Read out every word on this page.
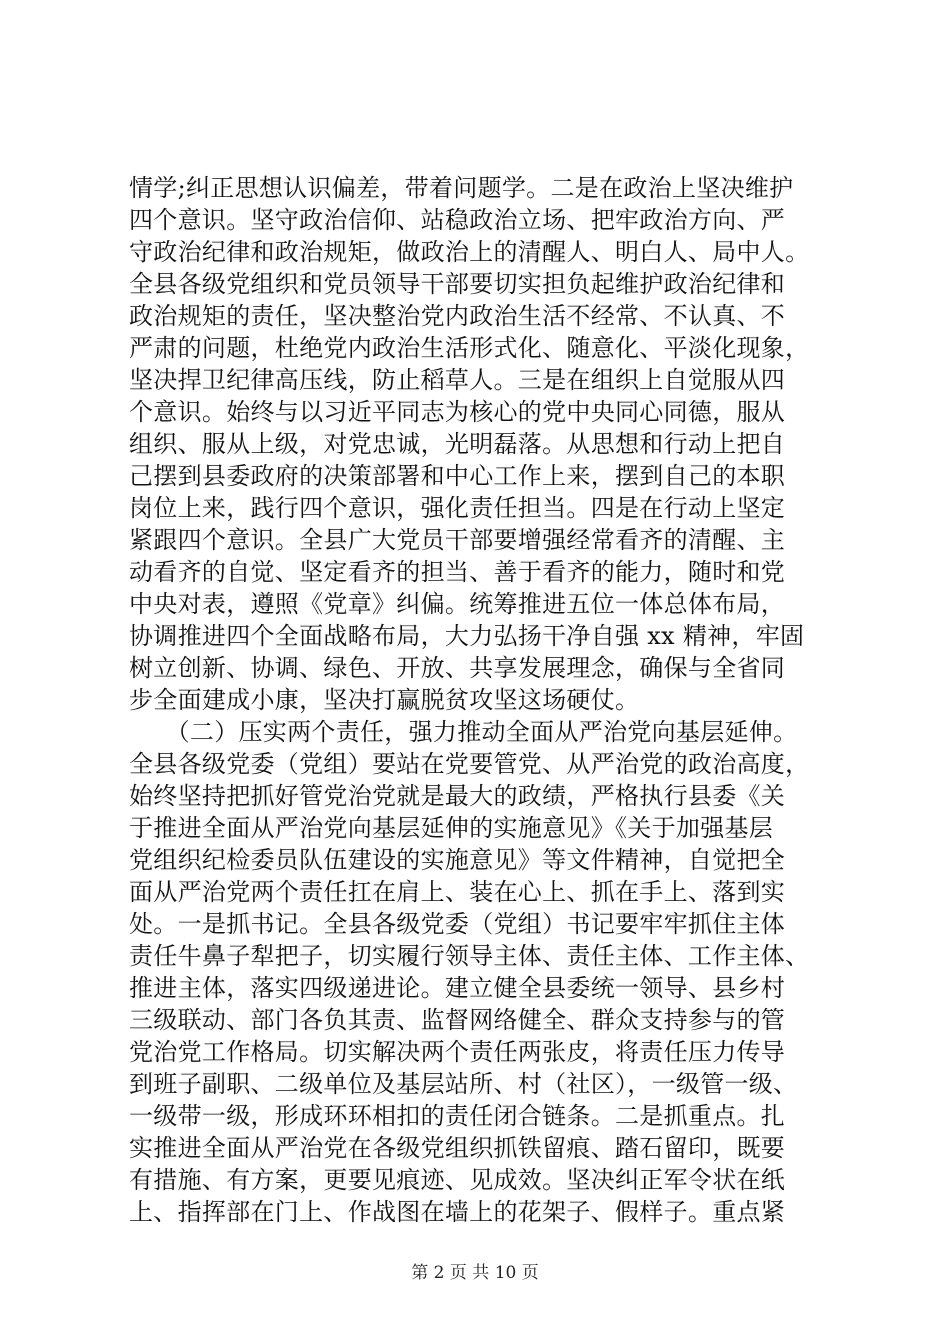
情学;纠正思想认识偏差，带着问题学。二是在政治上坚决维护
四个意识。坚守政治信仰、站稳政治立场、把牢政治方向、严
守政治纪律和政治规矩，做政治上的清醒人、明白人、局中人。
全县各级党组织和党员领导干部要切实担负起维护政治纪律和
政治规矩的责任，坚决整治党内政治生活不经常、不认真、不
严肃的问题，杜绝党内政治生活形式化、随意化、平淡化现象，
坚决捍卫纪律高压线，防止稻草人。三是在组织上自觉服从四
个意识。始终与以习近平同志为核心的党中央同心同德，服从
组织、服从上级，对党忠诚，光明磊落。从思想和行动上把自
己摆到县委政府的决策部署和中心工作上来，摆到自己的本职
岗位上来，践行四个意识，强化责任担当。四是在行动上坚定
紧跟四个意识。全县广大党员干部要增强经常看齐的清醒、主
动看齐的自觉、坚定看齐的担当、善于看齐的能力，随时和党
中央对表，遵照《党章》纠偏。统筹推进五位一体总体布局，
协调推进四个全面战略布局，大力弘扬干净自强 xx 精神，牢固
树立创新、协调、绿色、开放、共享发展理念，确保与全省同
步全面建成小康，坚决打赢脱贫攻坚这场硬仗。
　　（二）压实两个责任，强力推动全面从严治党向基层延伸。
全县各级党委（党组）要站在党要管党、从严治党的政治高度，
始终坚持把抓好管党治党就是最大的政绩，严格执行县委《关
于推进全面从严治党向基层延伸的实施意见》《关于加强基层
党组织纪检委员队伍建设的实施意见》等文件精神，自觉把全
面从严治党两个责任扛在肩上、装在心上、抓在手上、落到实
处。一是抓书记。全县各级党委（党组）书记要牢牢抓住主体
责任牛鼻子犁把子，切实履行领导主体、责任主体、工作主体、
推进主体，落实四级递进论。建立健全县委统一领导、县乡村
三级联动、部门各负其责、监督网络健全、群众支持参与的管
党治党工作格局。切实解决两个责任两张皮，将责任压力传导
到班子副职、二级单位及基层站所、村（社区），一级管一级、
一级带一级，形成环环相扣的责任闭合链条。二是抓重点。扎
实推进全面从严治党在各级党组织抓铁留痕、踏石留印，既要
有措施、有方案，更要见痕迹、见成效。坚决纠正军令状在纸
上、指挥部在门上、作战图在墙上的花架子、假样子。重点紧
第 2 页 共 10 页
